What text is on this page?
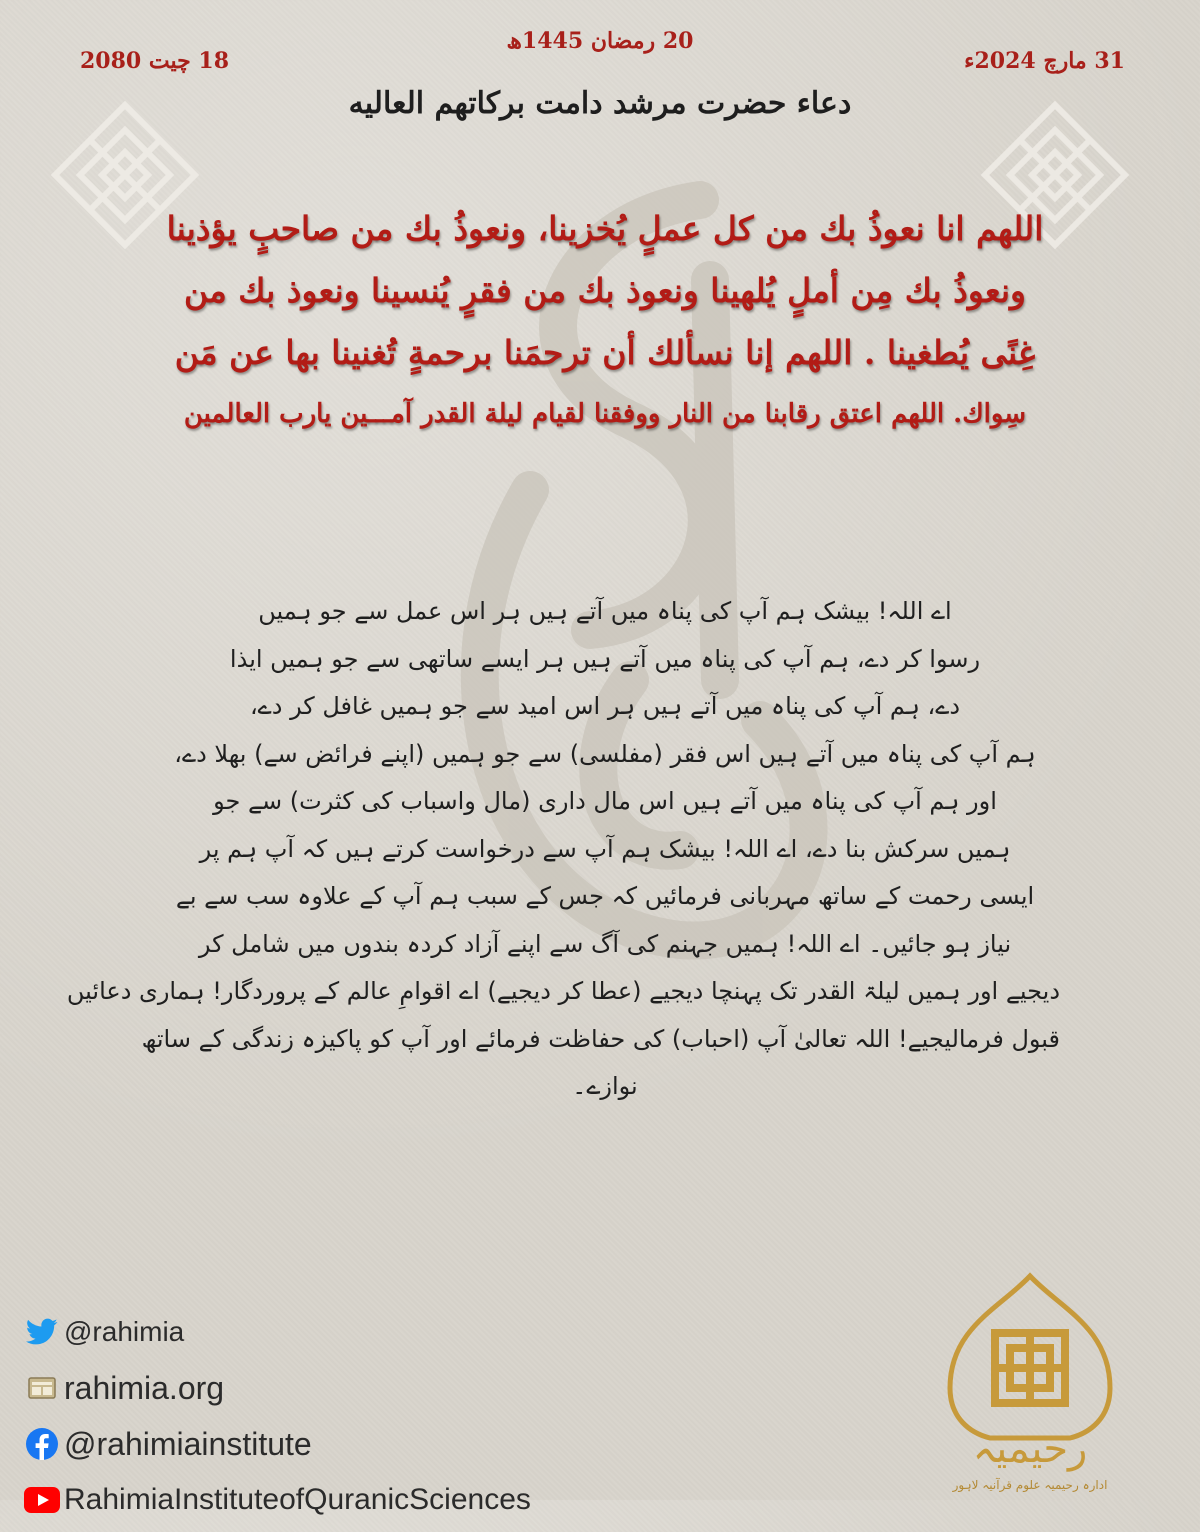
31 مارچ 2024ء
20 رمضان 1445ھ
18 چیت 2080
دعاء حضرت مرشد دامت برکاتهم العالیه
اللهم انا نعوذُ بك من كل عملٍ يُخزينا، ونعوذُ بك من صاحبٍ يؤذينا
ونعوذُ بك مِن أملٍ يُلهينا ونعوذ بك من فقرٍ يُنسينا ونعوذ بك من
غِنًى يُطغينا . اللهم إنا نسألك أن ترحمَنا برحمةٍ تُغنينا بها عن مَن
سِواك. اللهم اعتق رقابنا من النار ووفقنا لقيام ليلة القدر آمـــين يارب العالمين
اے اللہ! بیشک ہم آپ کی پناہ میں آتے ہیں ہر اس عمل سے جو ہمیں
رسوا کر دے، ہم آپ کی پناہ میں آتے ہیں ہر ایسے ساتھی سے جو ہمیں ایذا
دے، ہم آپ کی پناہ میں آتے ہیں ہر اس امید سے جو ہمیں غافل کر دے،
ہم آپ کی پناہ میں آتے ہیں اس فقر (مفلسی) سے جو ہمیں (اپنے فرائض سے) بھلا دے،
اور ہم آپ کی پناہ میں آتے ہیں اس مال داری (مال واسباب کی کثرت) سے جو
ہمیں سرکش بنا دے، اے اللہ! بیشک ہم آپ سے درخواست کرتے ہیں کہ آپ ہم پر
ایسی رحمت کے ساتھ مہربانی فرمائیں کہ جس کے سبب ہم آپ کے علاوہ سب سے بے
نیاز ہو جائیں۔ اے اللہ! ہمیں جہنم کی آگ سے اپنے آزاد کردہ بندوں میں شامل کر
دیجیے اور ہمیں لیلۃ القدر تک پہنچا دیجیے (عطا کر دیجیے) اے اقوامِ عالم کے پروردگار! ہماری دعائیں
قبول فرمالیجیے! اللہ تعالیٰ آپ (احباب) کی حفاظت فرمائے اور آپ کو پاکیزہ زندگی کے ساتھ
نوازے۔
@rahimia
rahimia.org
@rahimiainstitute
RahimiaInstituteofQuranicSciences
رحیمیہ
ادارہ رحیمیہ علوم قرآنیہ لاہور
